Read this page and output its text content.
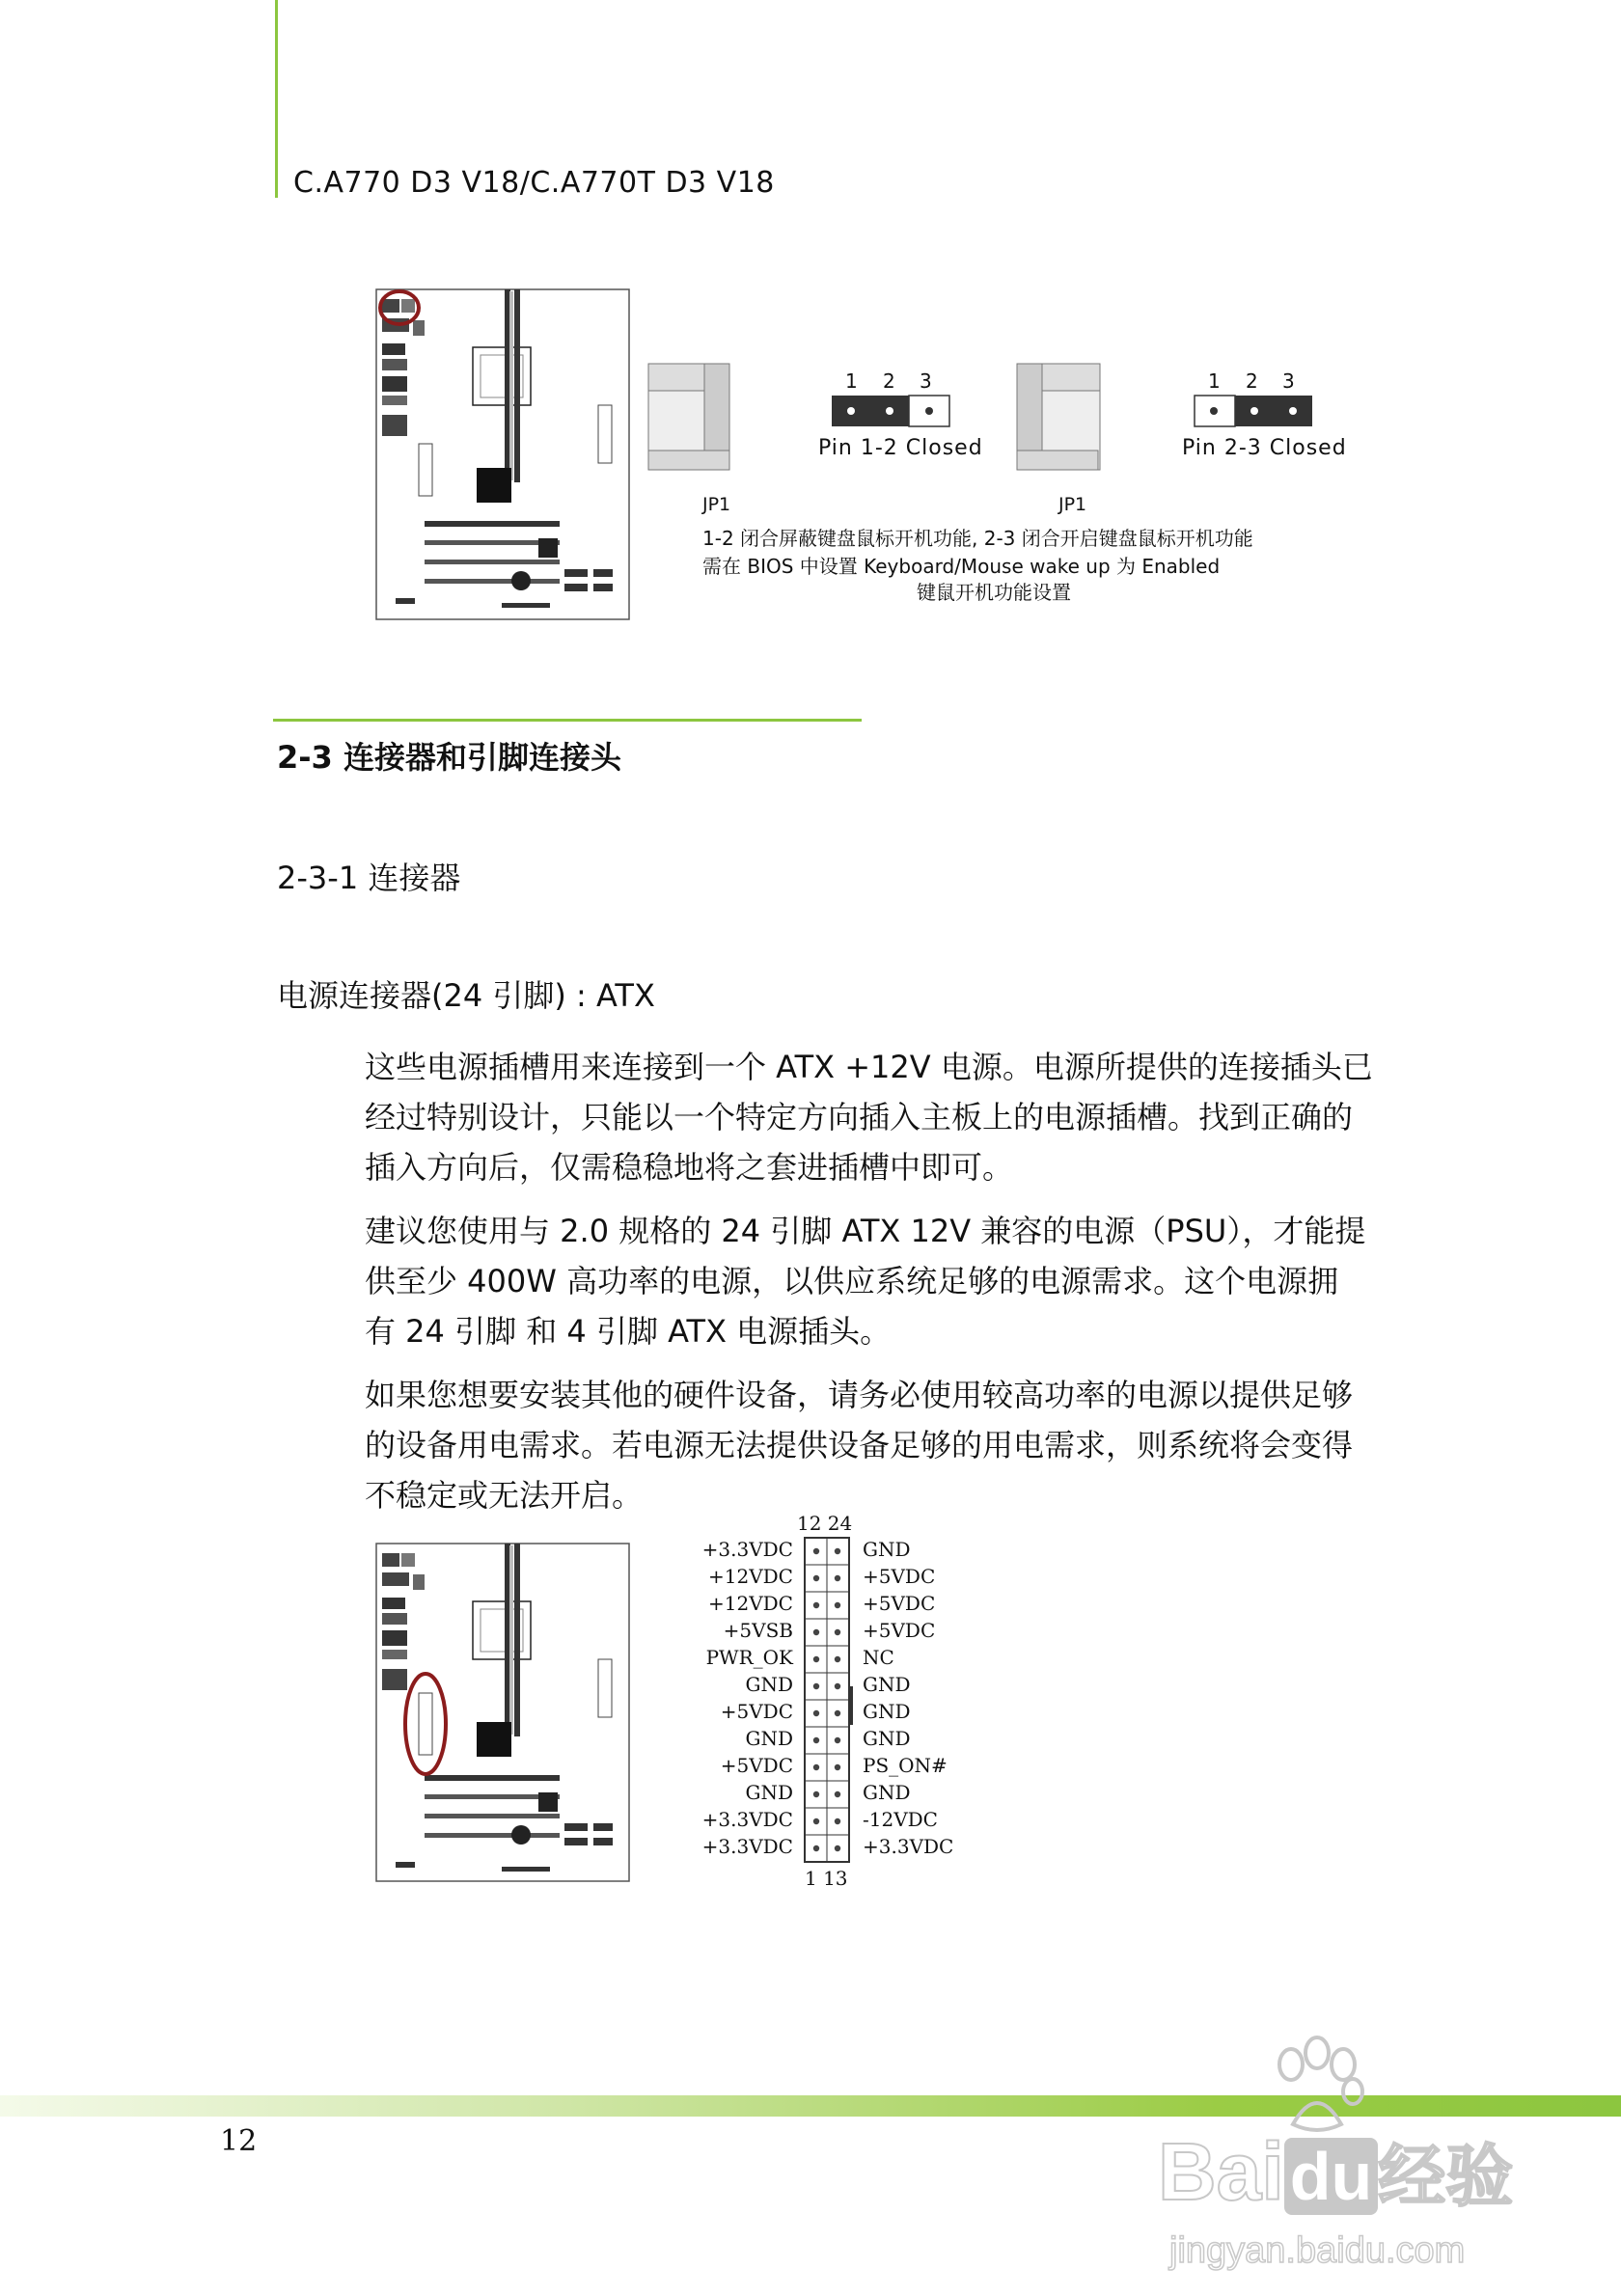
C.A770 D3 V18/C.A770T D3 V18
1 2 3
Pin 1-2 Closed
1 2 3
Pin 2-3 Closed
JP1	JP1
1-2 闭合屏蔽键盘鼠标开机功能, 2-3 闭合开启键盘鼠标开机功能
需在 BIOS 中设置 Keyboard/Mouse wake up 为 Enabled
键鼠开机功能设置
2-3 连接器和引脚连接头
2-3-1 连接器
电源连接器(24 引脚) : ATX
这些电源插槽用来连接到一个 ATX +12V 电源。电源所提供的连接插头已
经过特别设计，只能以一个特定方向插入主板上的电源插槽。找到正确的
插入方向后，仅需稳稳地将之套进插槽中即可。
建议您使用与 2.0 规格的 24 引脚 ATX 12V 兼容的电源（PSU），才能提
供至少 400W 高功率的电源，以供应系统足够的电源需求。这个电源拥
有 24 引脚 和 4 引脚 ATX 电源插头。
如果您想要安装其他的硬件设备，请务必使用较高功率的电源以提供足够
的设备用电需求。若电源无法提供设备足够的用电需求，则系统将会变得
不稳定或无法开启。
12 24
+3.3VDC
+12VDC
+12VDC
+5VSB
PWR_OK
GND
+5VDC
GND
+5VDC
GND
+3.3VDC
+3.3VDC
GND
+5VDC
+5VDC
+5VDC
NC
GND
GND
GND
PS_ON#
GND
-12VDC
+3.3VDC
1 13
12	Baidu经验
jingyan.baidu.com
